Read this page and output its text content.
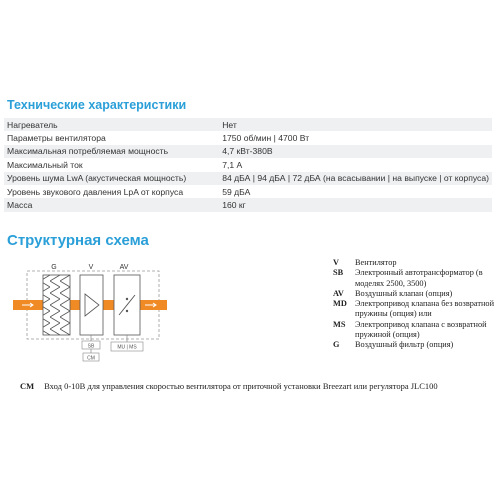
Технические характеристики
Нагреватель	Нет
Параметры вентилятора	1750 об/мин | 4700 Вт
Максимальная потребляемая мощность	4,7 кВт-380В
Максимальный ток	7,1 А
Уровень шума LwA (акустическая мощность)	84 дБА | 94 дБА | 72 дБА (на всасывании | на выпуске | от корпуса)
Уровень звукового давления LpA от корпуса	59 дБА
Масса	160 кг
Структурная схема
G	V
SB
CM
AV
MU | MS
V	Вентилятор
SB	Электронный автотрансформатор (в моделях 2500, 3500)
AV	Воздушный клапан (опция)
MD Электропривод клапана без возвратной пружины (опция) или
MS	Электропривод клапана с возвратной пружиной (опция)
G	Воздушный фильтр (опция)
CM Вход 0-10В для управления скоростью вентилятора от приточной установки Breezart или регулятора JLC100
